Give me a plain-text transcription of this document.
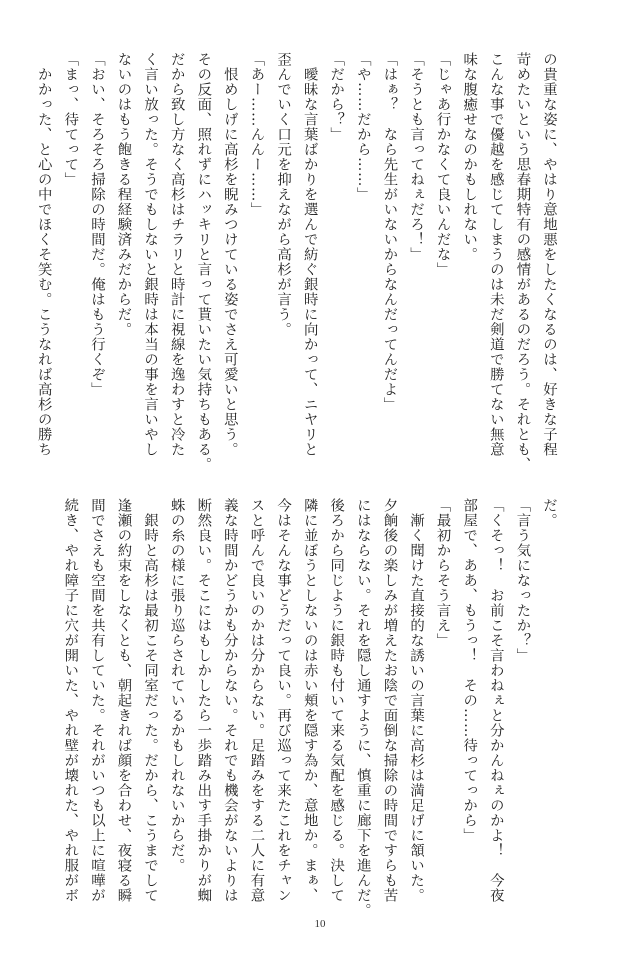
の貴重な姿に、やはり意地悪をしたくなるのは、好きな子程
苛めたいという思春期特有の感情があるのだろう。それとも、
こんな事で優越を感じてしまうのは未だ剣道で勝てない無意
味な腹癒せなのかもしれない。
「じゃあ行かなくて良いんだな」
「そうとも言ってねぇだろ！」
「はぁ？　なら先生がいないからなんだってんだよ」
「や……だから……」
「だから？」
　曖昧な言葉ばかりを選んで紡ぐ銀時に向かって、ニヤリと
歪んでいく口元を抑えながら高杉が言う。
「あー……んんー……」
　恨めしげに高杉を睨みつけている姿でさえ可愛いと思う。
その反面、照れずにハッキリと言って貰いたい気持ちもある。
だから致し方なく高杉はチラリと時計に視線を逸わすと冷た
く言い放った。そうでもしないと銀時は本当の事を言いやし
ないのはもう飽きる程経験済みだからだ。
「おい、そろそろ掃除の時間だ。俺はもう行くぞ」
「まっ、待てって」
　かかった、と心の中でほくそ笑む。こうなれば高杉の勝ち
だ。
「言う気になったか？」
「くそっ！　お前こそ言わねぇと分かんねぇのかよ！　今夜
部屋で、ああ、もうっ！　その……待ってっから」
「最初からそう言え」
　漸く聞けた直接的な誘いの言葉に高杉は満足げに頷いた。
夕餉後の楽しみが増えたお陰で面倒な掃除の時間ですらも苦
にはならない。それを隠し通すように、慎重に廊下を進んだ。
後ろから同じように銀時も付いて来る気配を感じる。決して
隣に並ぼうとしないのは赤い頬を隠す為か、意地か。まぁ、
今はそんな事どうだって良い。再び巡って来たこれをチャン
スと呼んで良いのかは分からない。足踏みをする二人に有意
義な時間かどうかも分からない。それでも機会がないよりは
断然良い。そこにはもしかしたら一歩踏み出す手掛かりが蜘
蛛の糸の様に張り巡らされているかもしれないからだ。
　銀時と高杉は最初こそ同室だった。だから、こうまでして
逢瀬の約束をしなくとも、朝起きれば顔を合わせ、夜寝る瞬
間でさえも空間を共有していた。それがいつも以上に喧嘩が
続き、やれ障子に穴が開いた、やれ壁が壊れた、やれ服がボ
10
